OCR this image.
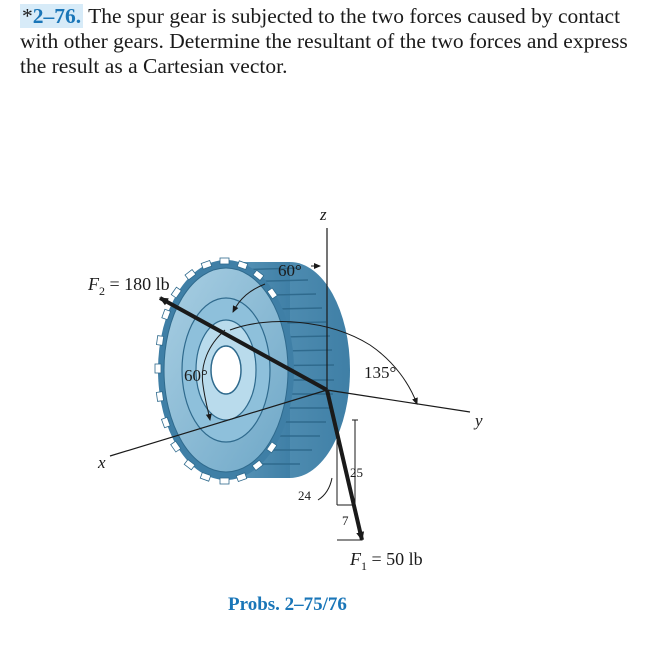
*2–76. The spur gear is subjected to the two forces caused by contact with other gears. Determine the resultant of the two forces and express the result as a Cartesian vector.
z
y
x
$F_2 = 180$ lb
$F_1 = 50$ lb
60°
60°	135°
25
24
7
Probs. 2–75/76
